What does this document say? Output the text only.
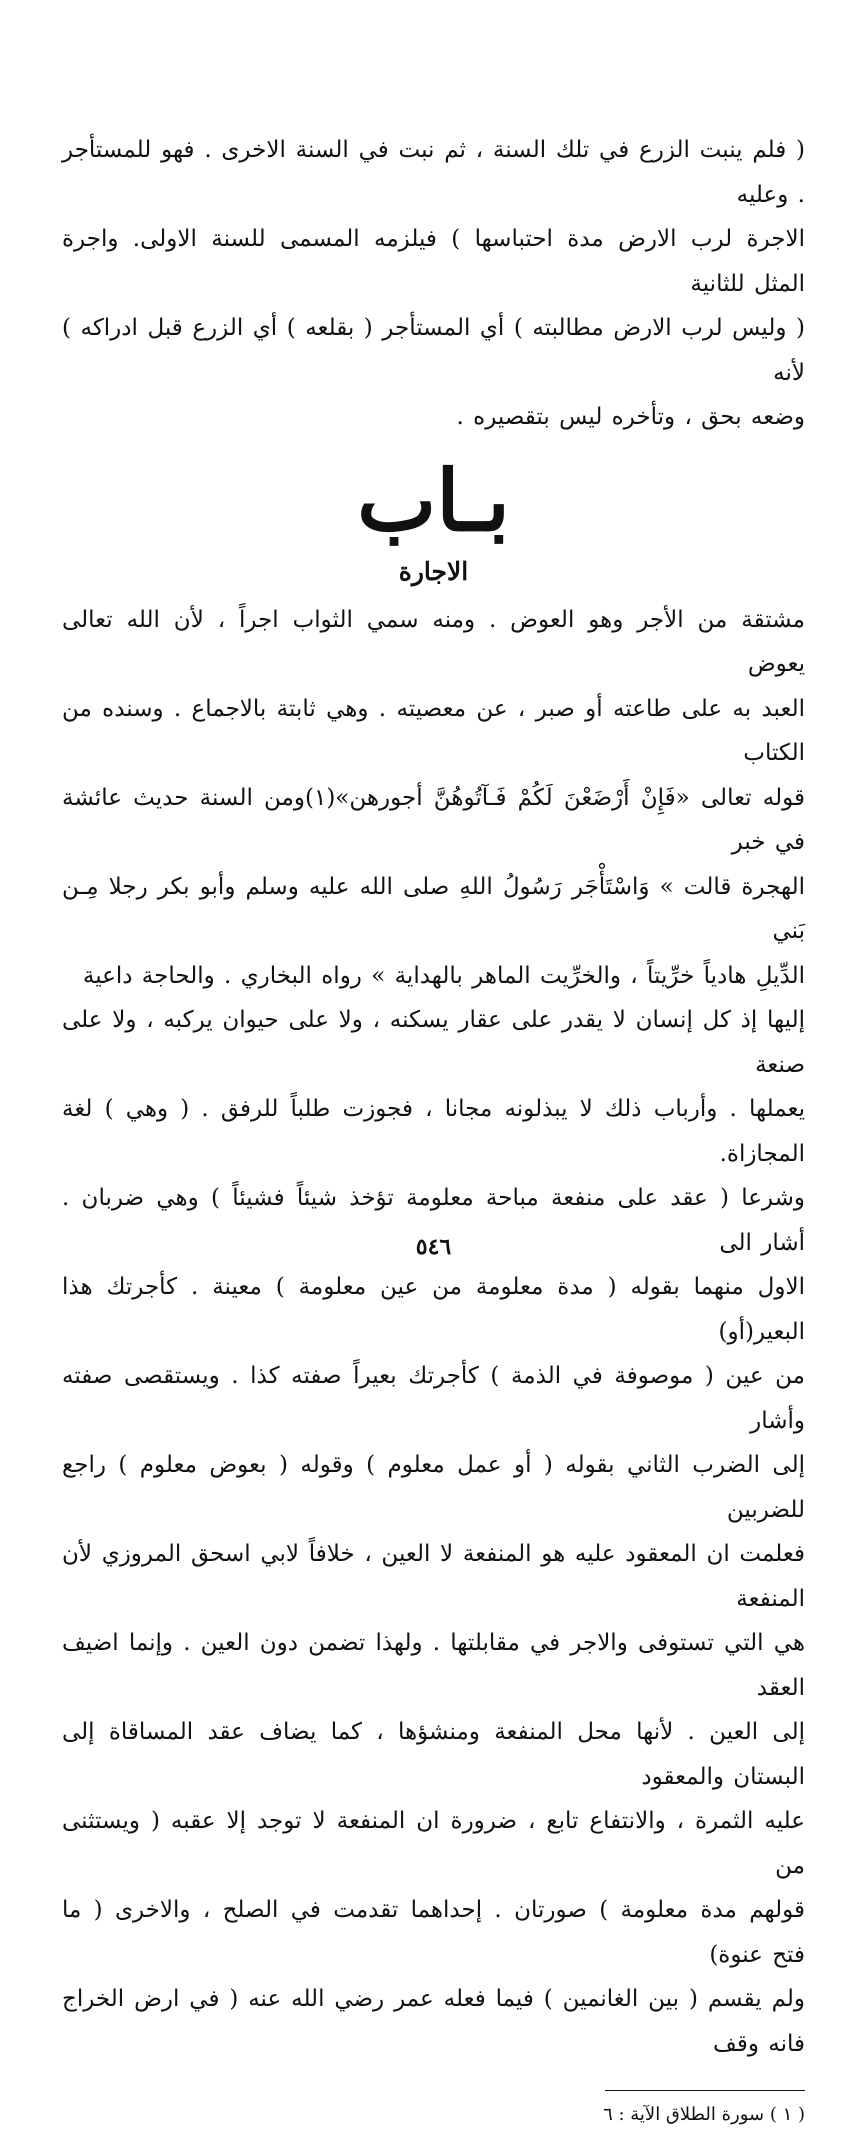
( فلم ينبت الزرع في تلك السنة ، ثم نبت في السنة الاخرى . فهو للمستأجر . وعليه

الاجرة لرب الارض مدة احتباسها ) فيلزمه المسمى للسنة الاولى. واجرة المثل للثانية

( وليس لرب الارض مطالبته ) أي المستأجر ( بقلعه ) أي الزرع قبل ادراكه ) لأنه

وضعه بحق ، وتأخره ليس بتقصيره .

بـاب
الاجارة

مشتقة من الأجر وهو العوض . ومنه سمي الثواب اجراً ، لأن الله تعالى يعوض

العبد به على طاعته أو صبر ، عن معصيته . وهي ثابتة بالاجماع . وسنده من الكتاب

قوله تعالى «فَإِنْ أَرْضَعْنَ لَكُمْ فَـآتُوهُنَّ أجورهن»(١)ومن السنة حديث عائشة في خبر

الهجرة قالت » وَاسْتَأْجَر رَسُولُ اللهِ صلى الله عليه وسلم وأبو بكر رجلا مِـن بَني

الدِّيلِ هادياً خرِّيتاً ، والخرِّيت الماهر بالهداية » رواه البخاري . والحاجة داعية

إليها إذ كل إنسان لا يقدر على عقار يسكنه ، ولا على حيوان يركبه ، ولا على صنعة

يعملها . وأرباب ذلك لا يبذلونه مجانا ، فجوزت طلباً للرفق . ( وهي ) لغة المجازاة.

وشرعا ( عقد على منفعة مباحة معلومة تؤخذ شيئاً فشيئاً ) وهي ضربان . أشار الى

الاول منهما بقوله ( مدة معلومة من عين معلومة ) معينة . كأجرتك هذا البعير(أو)

من عين ( موصوفة في الذمة ) كأجرتك بعيراً صفته كذا . ويستقصى صفته وأشار

إلى الضرب الثاني بقوله ( أو عمل معلوم ) وقوله ( بعوض معلوم ) راجع للضربين

فعلمت ان المعقود عليه هو المنفعة لا العين ، خلافاً لابي اسحق المروزي لأن المنفعة

هي التي تستوفى والاجر في مقابلتها . ولهذا تضمن دون العين . وإنما اضيف العقد

إلى العين . لأنها محل المنفعة ومنشؤها ، كما يضاف عقد المساقاة إلى البستان والمعقود

عليه الثمرة ، والانتفاع تابع ، ضرورة ان المنفعة لا توجد إلا عقبه ( ويستثنى من

قولهم مدة معلومة ) صورتان . إحداهما تقدمت في الصلح ، والاخرى ( ما فتح عنوة)

ولم يقسم ( بين الغانمين ) فيما فعله عمر رضي الله عنه ( في ارض الخراج فانه وقف

( ١ ) سورة الطلاق الآية : ٦

٥٤٦
